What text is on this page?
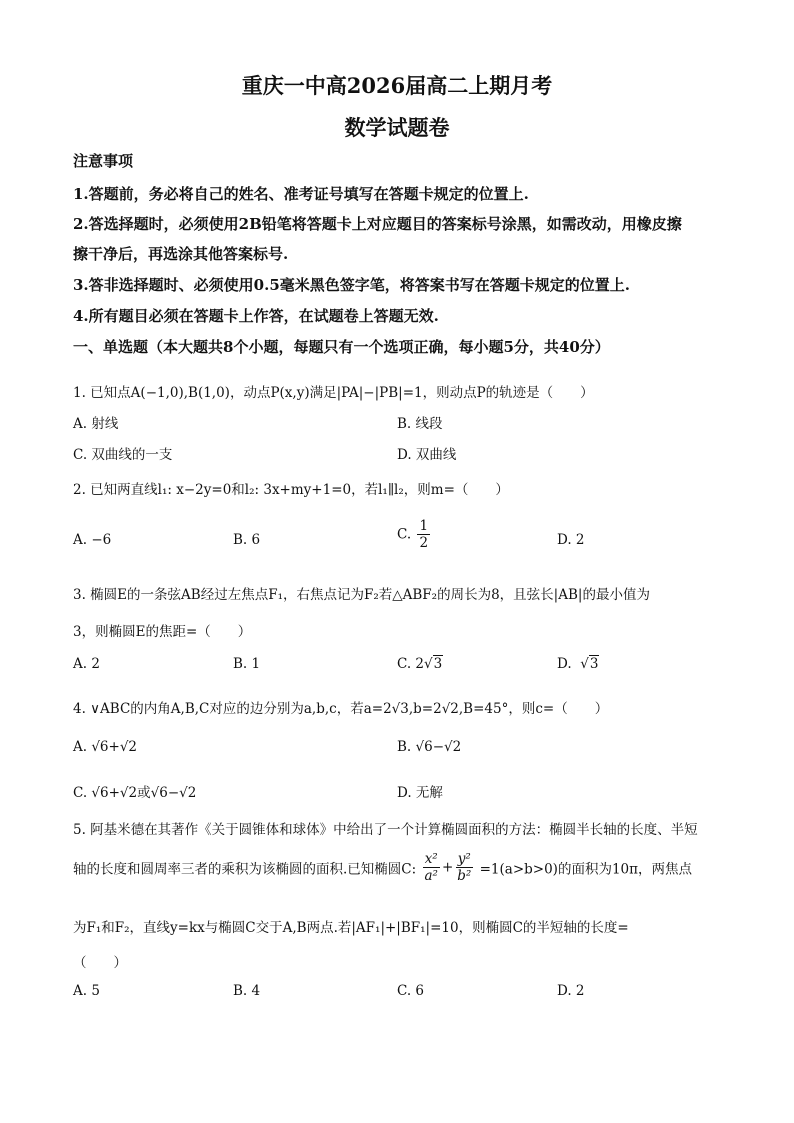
重庆一中高2026届高二上期月考
数学试题卷
注意事项
1.答题前，务必将自己的姓名、准考证号填写在答题卡规定的位置上.
2.答选择题时，必须使用2B铅笔将答题卡上对应题目的答案标号涂黑，如需改动，用橡皮擦
擦干净后，再选涂其他答案标号.
3.答非选择题时、必须使用0.5毫米黑色签字笔，将答案书写在答题卡规定的位置上.
4.所有题目必须在答题卡上作答，在试题卷上答题无效.
一、单选题（本大题共8个小题，每题只有一个选项正确，每小题5分，共40分）
1. 已知点A(−1,0),B(1,0)，动点P(x,y)满足|PA|−|PB|=1，则动点P的轨迹是（　　）
A. 射线	B. 线段
C. 双曲线的一支	D. 双曲线
2. 已知两直线l₁: x−2y=0和l₂: 3x+my+1=0，若l₁∥l₂，则m=（　　）
A. −6	B. 6	C. $\frac{1}{2}$	D. 2
3. 椭圆E的一条弦AB经过左焦点F₁，右焦点记为F₂若△ABF₂的周长为8，且弦长|AB|的最小值为
3，则椭圆E的焦距=（　　）
A. 2	B. 1	C. 2√3	D. √3
4. ∨ABC的内角A,B,C对应的边分别为a,b,c，若a=2√3,b=2√2,B=45°，则c=（　　）
A. √6+√2	B. √6−√2
C. √6+√2或√6−√2	D. 无解
5. 阿基米德在其著作《关于圆锥体和球体》中给出了一个计算椭圆面积的方法：椭圆半长轴的长度、半短
轴的长度和圆周率三者的乘积为该椭圆的面积.已知椭圆C: $\frac{\text{x²}}{\text{a²}} + \frac{\text{y²}}{\text{b²}} =1(a>b>0)$的面积为10π，两焦点
为F₁和F₂，直线y=kx与椭圆C交于A,B两点.若|AF₁|+|BF₁|=10，则椭圆C的半短轴的长度=
（　　）
A. 5	B. 4	C. 6	D. 2
